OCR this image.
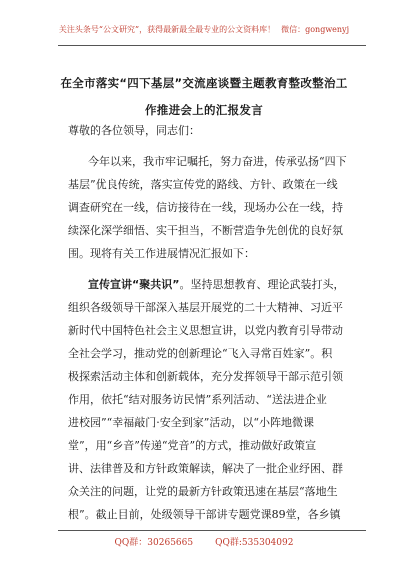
关注头条号“公文研究”，获得最新最全最专业的公文资料库！ 微信：gongwenyj
在全市落实“四下基层”交流座谈暨主题教育整改整治工
作推进会上的汇报发言
尊敬的各位领导，同志们：
今年以来，我市牢记嘱托，努力奋进，传承弘扬“四下
基层”优良传统，落实宣传党的路线、方针、政策在一线
调查研究在一线，信访接待在一线，现场办公在一线，持
续深化深学细悟、实干担当，不断营造争先创优的良好氛
围。现将有关工作进展情况汇报如下：
宣传宣讲“聚共识”。坚持思想教育、理论武装打头，
组织各级领导干部深入基层开展党的二十大精神、习近平
新时代中国特色社会主义思想宣讲，以党内教育引导带动
全社会学习，推动党的创新理论“飞入寻常百姓家”。积
极探索活动主体和创新载体，充分发挥领导干部示范引领
作用，依托“结对服务访民情”系列活动、“送法进企业
进校园”“幸福敲门·安全到家”活动，以“小阵地微课
堂”，用“乡音”传递“党音”的方式，推动做好政策宣
讲、法律普及和方针政策解读，解决了一批企业纾困、群
众关注的问题，让党的最新方针政策迅速在基层“落地生
根”。截止目前，处级领导干部讲专题党课89堂，各乡镇
QQ群：30265665 QQ群:535304092
